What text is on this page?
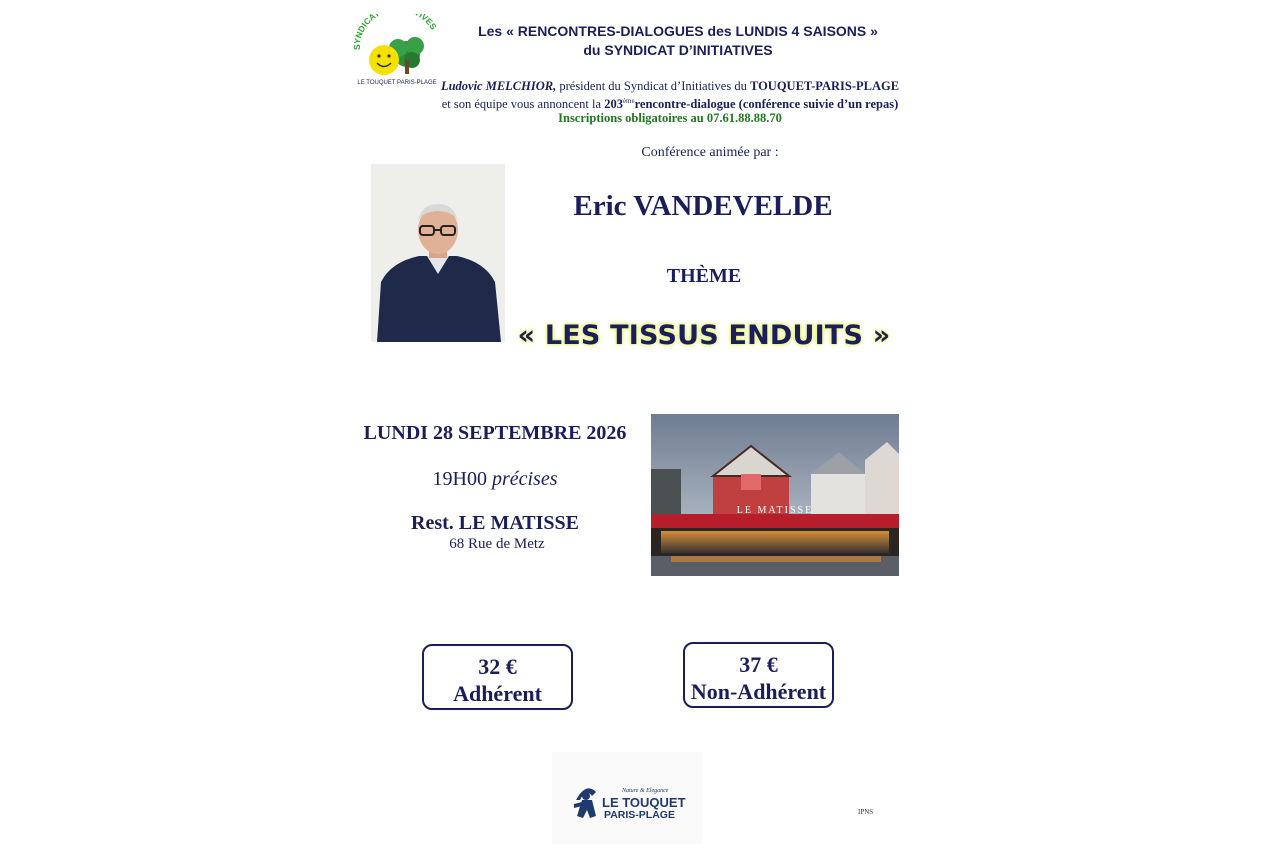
SYNDICA IVES
LE TOUQUET PARIS-PLAGE
Les « RENCONTRES-DIALOGUES des LUNDIS 4 SAISONS »
du SYNDICAT D’INITIATIVES
Ludovic MELCHIOR, président du Syndicat d’Initiatives du TOUQUET-PARIS-PLAGE
et son équipe vous annoncent la 203èmerencontre-dialogue (conférence suivie d’un repas)
Inscriptions obligatoires au 07.61.88.88.70
Conférence animée par :
Eric VANDEVELDE
THÈME
« LES TISSUS ENDUITS »
LUNDI 28 SEPTEMBRE 2026
19H00 précises
Rest. LE MATISSE
68 Rue de Metz
LE MATISSE
32 €
Adhérent
37 €
Non-Adhérent
Nature & Elegance
LE TOUQUET
PARIS-PLAGE	IPNS
